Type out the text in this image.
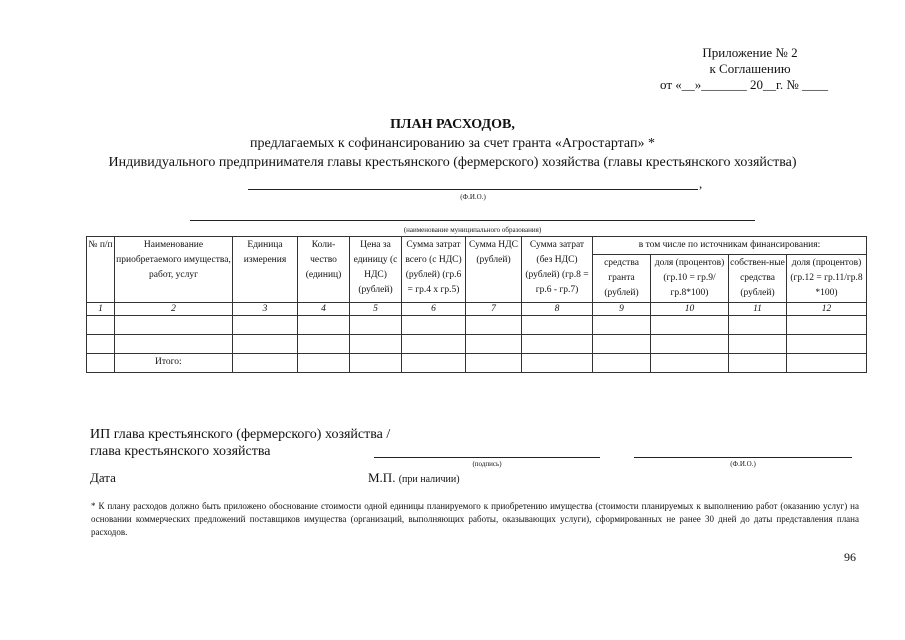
Приложение № 2
к Соглашению
от «__»_______ 20__г. № ____
ПЛАН РАСХОДОВ,
предлагаемых к софинансированию за счет гранта «Агростартап» *
Индивидуального предпринимателя главы крестьянского (фермерского) хозяйства (главы крестьянского хозяйства)
,
(Ф.И.О.)
(наименование муниципального образования)
№ п/п	Наименование приобретаемого имущества, работ, услуг	Единица измерения	Коли-чество (единиц)	Цена за единицу (с НДС) (рублей)	Сумма затрат всего (с НДС) (рублей) (гр.6 = гр.4 х гр.5)	Сумма НДС (рублей)	Сумма затрат (без НДС) (рублей) (гр.8 = гр.6 - гр.7)	в том числе по источникам финансирования:			
								средства гранта (рублей)	доля (процентов) (гр.10 = гр.9/гр.8*100)	собствен-ные средства (рублей)	доля (процентов) (гр.12 = гр.11/гр.8 *100)
1	2	3	4	5	6	7	8	9	10	11	12

	Итого:										
ИП глава крестьянского (фермерского) хозяйства /
глава крестьянского хозяйства
(подпись)	(Ф.И.О.)
Дата	М.П. (при наличии)
* К плану расходов должно быть приложено обоснование стоимости одной единицы планируемого к приобретению имущества (стоимости планируемых к выполнению работ (оказанию услуг) на основании коммерческих предложений поставщиков имущества (организаций, выполняющих работы, оказывающих услуги), сформированных не ранее 30 дней до даты представления плана расходов.
96
